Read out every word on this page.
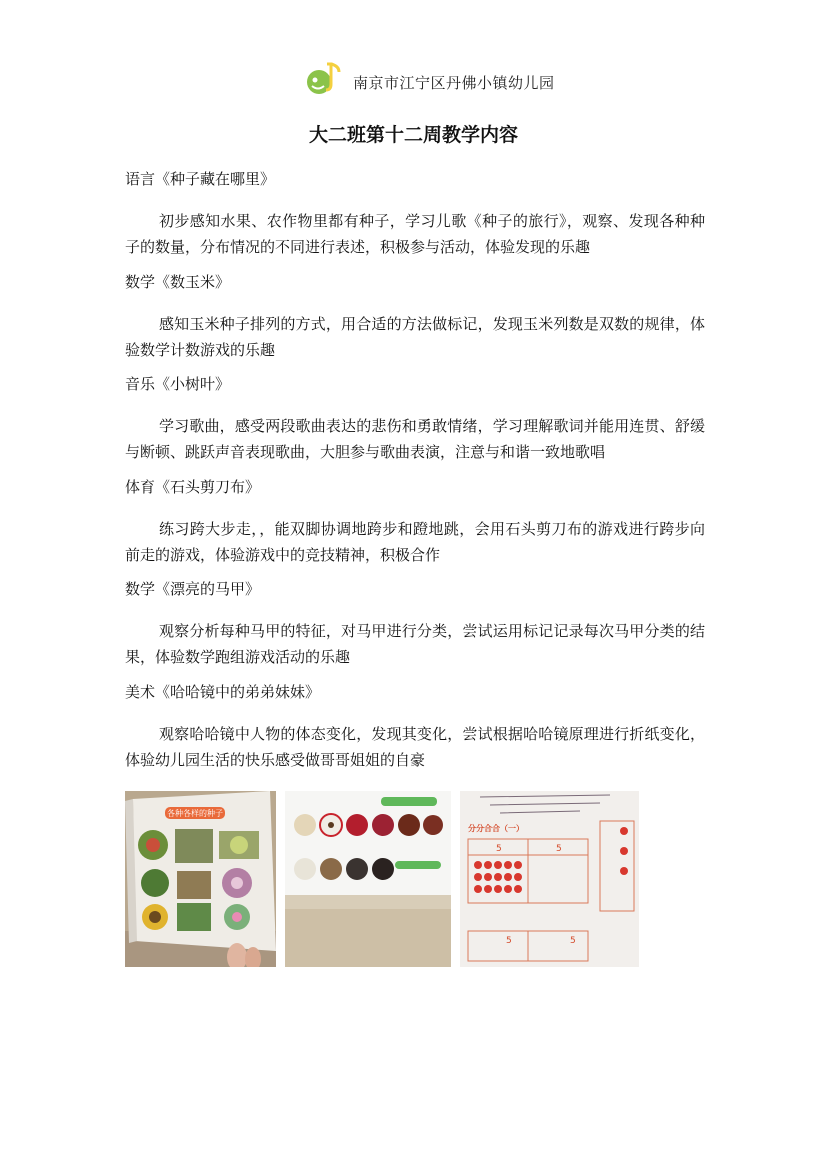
南京市江宁区丹佛小镇幼儿园
大二班第十二周教学内容
语言《种子藏在哪里》
初步感知水果、农作物里都有种子，学习儿歌《种子的旅行》，观察、发现各种种子的数量，分布情况的不同进行表述，积极参与活动，体验发现的乐趣
数学《数玉米》
感知玉米种子排列的方式，用合适的方法做标记，发现玉米列数是双数的规律，体验数学计数游戏的乐趣
音乐《小树叶》
学习歌曲，感受两段歌曲表达的悲伤和勇敢情绪，学习理解歌词并能用连贯、舒缓与断顿、跳跃声音表现歌曲，大胆参与歌曲表演，注意与和谐一致地歌唱
体育《石头剪刀布》
练习跨大步走，，能双脚协调地跨步和蹬地跳，会用石头剪刀布的游戏进行跨步向前走的游戏，体验游戏中的竞技精神，积极合作
数学《漂亮的马甲》
观察分析每种马甲的特征，对马甲进行分类，尝试运用标记记录每次马甲分类的结果，体验数学跑组游戏活动的乐趣
美术《哈哈镜中的弟弟妹妹》
观察哈哈镜中人物的体态变化，发现其变化，尝试根据哈哈镜原理进行折纸变化，体验幼儿园生活的快乐感受做哥哥姐姐的自豪
各种各样的种子
分分合合（一）
5	5
5	5
